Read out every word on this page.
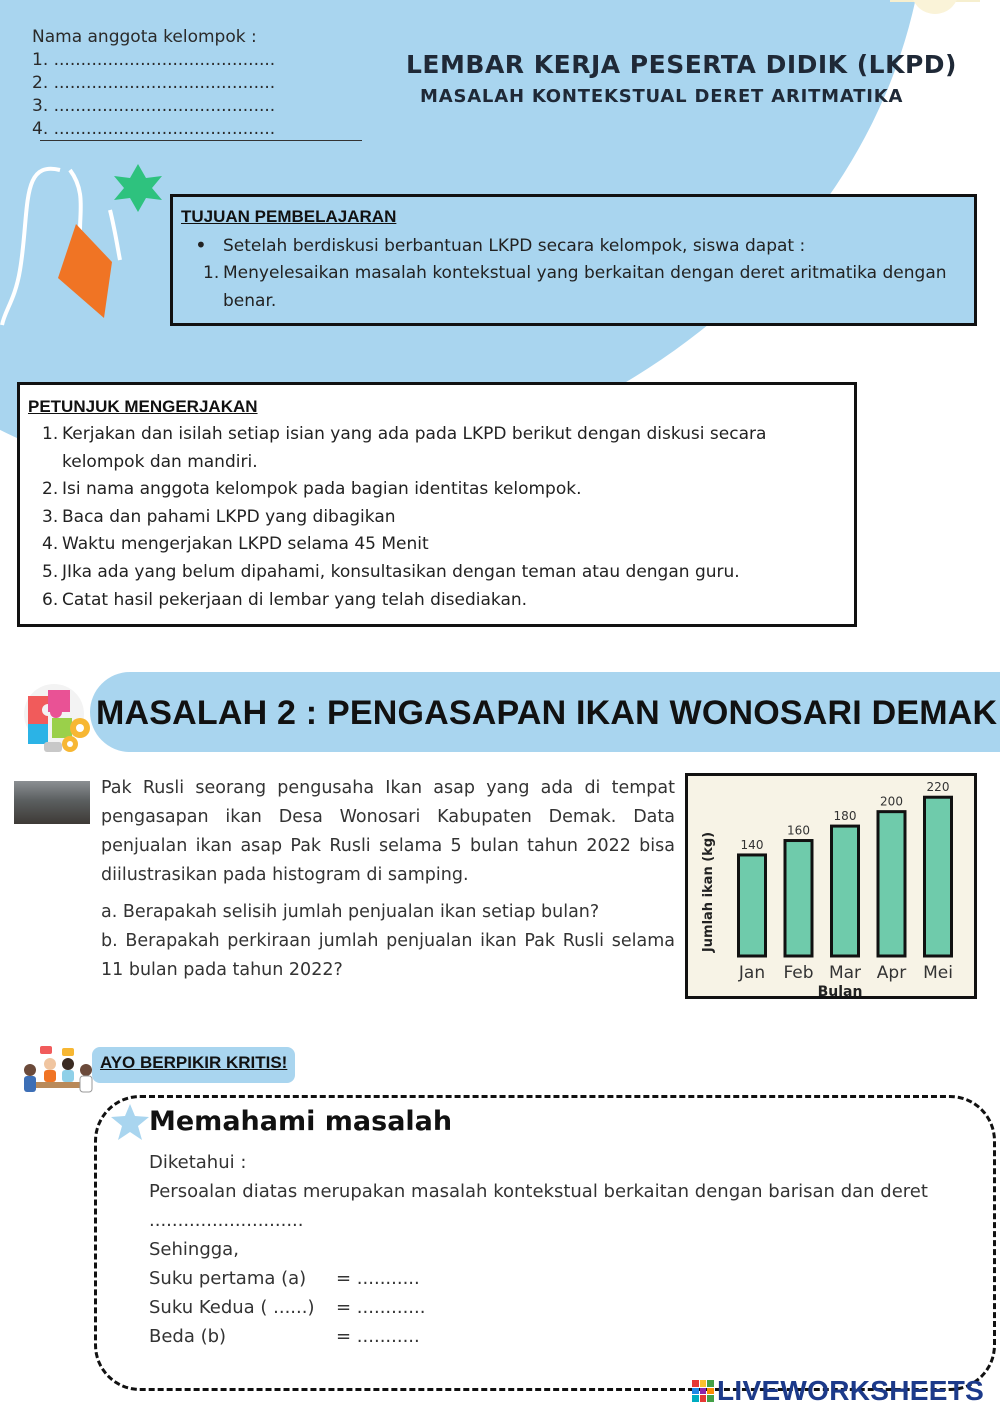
Nama anggota kelompok :
1. .........................................
2. .........................................
3. .........................................
4. .........................................
LEMBAR KERJA PESERTA DIDIK (LKPD)
MASALAH KONTEKSTUAL DERET ARITMATIKA
TUJUAN PEMBELAJARAN
• Setelah berdiskusi berbantuan LKPD secara kelompok, siswa dapat :
1. Menyelesaikan masalah kontekstual yang berkaitan dengan deret aritmatika dengan benar.
PETUNJUK MENGERJAKAN
1. Kerjakan dan isilah setiap isian yang ada pada LKPD berikut dengan diskusi secara kelompok dan mandiri.
2. Isi nama anggota kelompok pada bagian identitas kelompok.
3. Baca dan pahami LKPD yang dibagikan
4. Waktu mengerjakan LKPD selama 45 Menit
5. JIka ada yang belum dipahami, konsultasikan dengan teman atau dengan guru.
6. Catat hasil pekerjaan di lembar yang telah disediakan.
MASALAH 2 : PENGASAPAN IKAN WONOSARI DEMAK

Pak Rusli seorang pengusaha Ikan asap yang ada di tempat pengasapan ikan Desa Wonosari Kabupaten Demak. Data penjualan ikan asap Pak Rusli selama 5 bulan tahun 2022 bisa diilustrasikan pada histogram di samping.

a. Berapakah selisih jumlah penjualan ikan setiap bulan?

b. Berapakah perkiraan jumlah penjualan ikan Pak Rusli selama 11 bulan pada tahun 2022?

Jumlah ikan (kg)
Bulan
140
Jan
160
Feb
180
Mar
200
Apr
220
Mei
AYO BERPIKIR KRITIS!
Memahami masalah
Diketahui :
Persoalan diatas merupakan masalah kontekstual berkaitan dengan barisan dan deret ...........................
Sehingga,
Suku pertama (a) = ...........
Suku Kedua ( ......) = ............
Beda (b)	= ...........
LIVEWORKSHEETS
